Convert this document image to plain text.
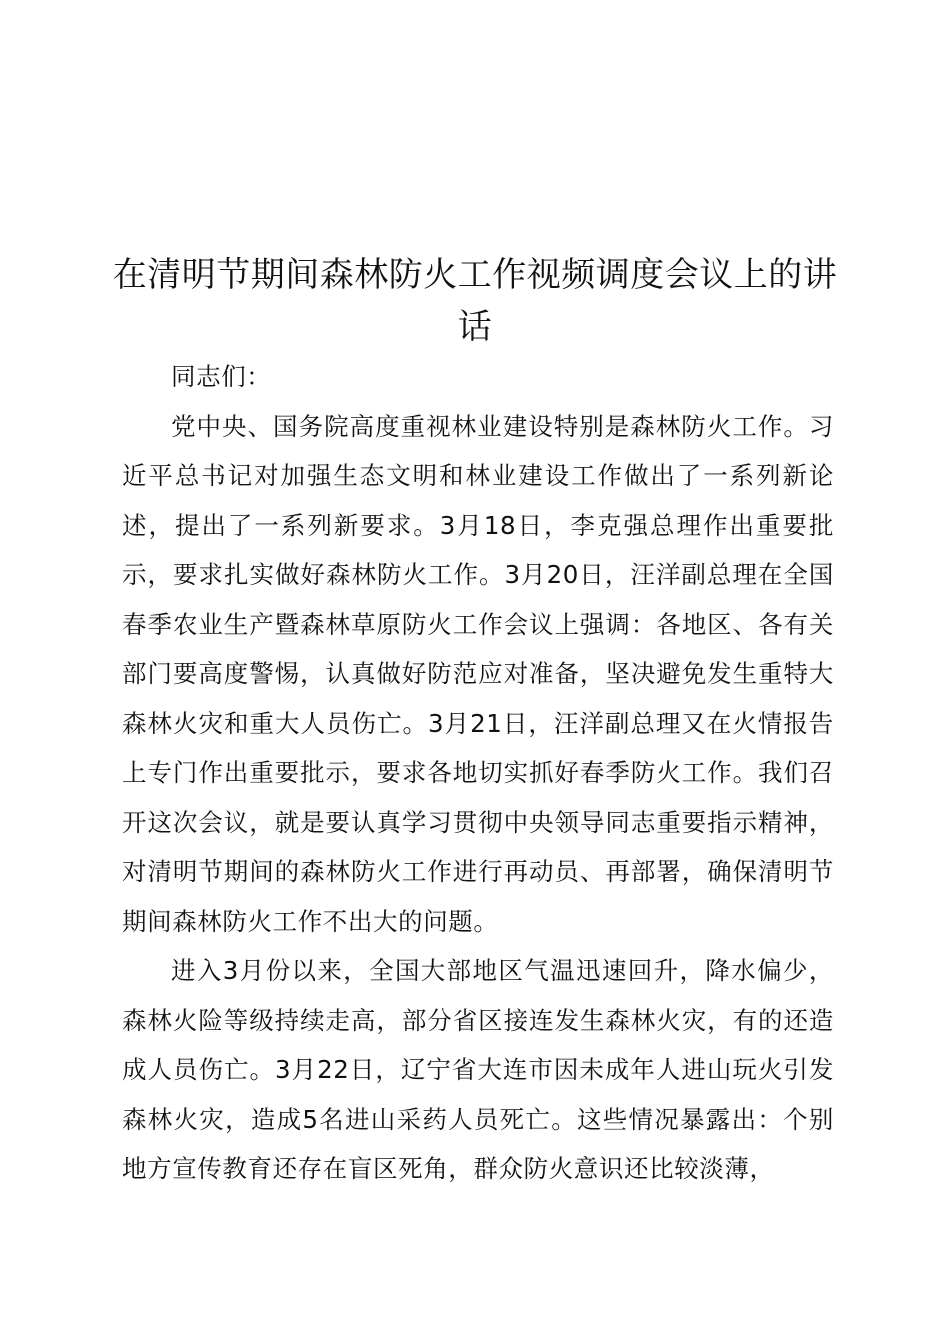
在清明节期间森林防火工作视频调度会议上的讲话

同志们：

党中央、国务院高度重视林业建设特别是森林防火工作。习近平总书记对加强生态文明和林业建设工作做出了一系列新论述，提出了一系列新要求。3月18日，李克强总理作出重要批示，要求扎实做好森林防火工作。3月20日，汪洋副总理在全国春季农业生产暨森林草原防火工作会议上强调：各地区、各有关部门要高度警惕，认真做好防范应对准备，坚决避免发生重特大森林火灾和重大人员伤亡。3月21日，汪洋副总理又在火情报告上专门作出重要批示，要求各地切实抓好春季防火工作。我们召开这次会议，就是要认真学习贯彻中央领导同志重要指示精神，对清明节期间的森林防火工作进行再动员、再部署，确保清明节期间森林防火工作不出大的问题。

进入3月份以来，全国大部地区气温迅速回升，降水偏少，森林火险等级持续走高，部分省区接连发生森林火灾，有的还造成人员伤亡。3月22日，辽宁省大连市因未成年人进山玩火引发森林火灾，造成5名进山采药人员死亡。这些情况暴露出：个别地方宣传教育还存在盲区死角，群众防火意识还比较淡薄，
